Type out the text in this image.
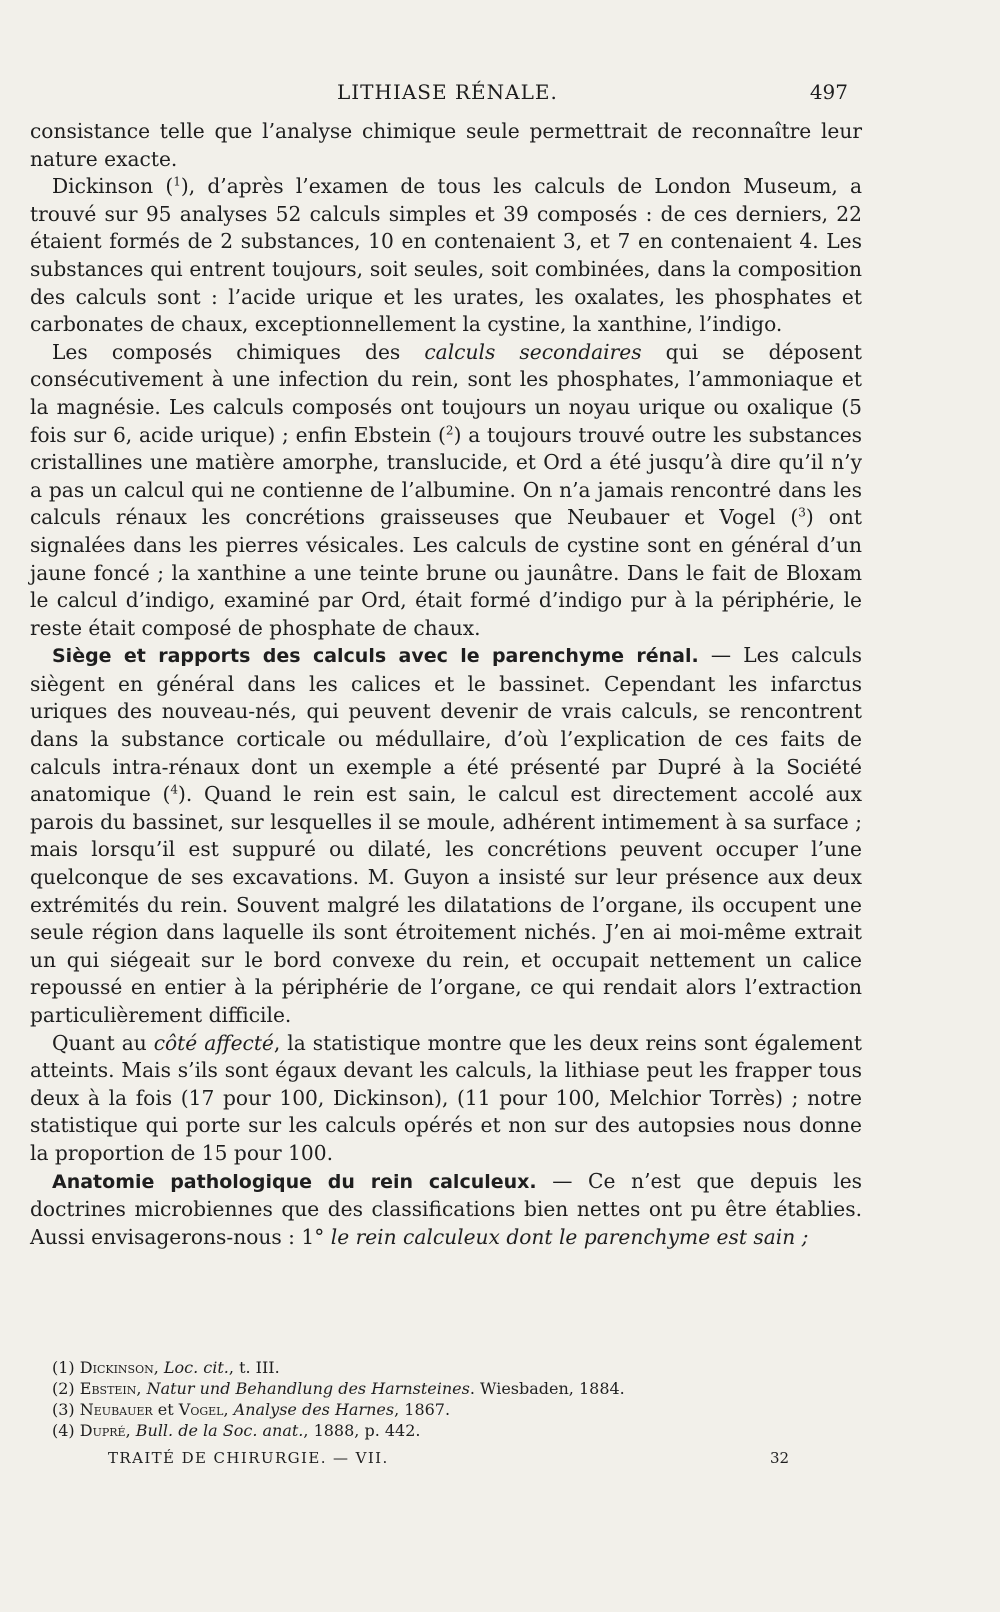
LITHIASE RÉNALE.	497

consistance telle que l’analyse chimique seule permettrait de reconnaître leur nature exacte.

Dickinson ($^1$), d’après l’examen de tous les calculs de London Museum, a trouvé sur 95 analyses 52 calculs simples et 39 composés : de ces derniers, 22 étaient formés de 2 substances, 10 en contenaient 3, et 7 en contenaient 4. Les substances qui entrent toujours, soit seules, soit combinées, dans la composition des calculs sont : l’acide urique et les urates, les oxalates, les phosphates et carbonates de chaux, exceptionnellement la cystine, la xanthine, l’indigo.

Les composés chimiques des calculs secondaires qui se déposent consécutivement à une infection du rein, sont les phosphates, l’ammoniaque et la magnésie. Les calculs composés ont toujours un noyau urique ou oxalique (5 fois sur 6, acide urique) ; enfin Ebstein ($^2$) a toujours trouvé outre les substances cristallines une matière amorphe, translucide, et Ord a été jusqu’à dire qu’il n’y a pas un calcul qui ne contienne de l’albumine. On n’a jamais rencontré dans les calculs rénaux les concrétions graisseuses que Neubauer et Vogel ($^3$) ont signalées dans les pierres vésicales. Les calculs de cystine sont en général d’un jaune foncé ; la xanthine a une teinte brune ou jaunâtre. Dans le fait de Bloxam le calcul d’indigo, examiné par Ord, était formé d’indigo pur à la périphérie, le reste était composé de phosphate de chaux.

Siège et rapports des calculs avec le parenchyme rénal. — Les calculs siègent en général dans les calices et le bassinet. Cependant les infarctus uriques des nouveau-nés, qui peuvent devenir de vrais calculs, se rencontrent dans la substance corticale ou médullaire, d’où l’explication de ces faits de calculs intra-rénaux dont un exemple a été présenté par Dupré à la Société anatomique ($^4$). Quand le rein est sain, le calcul est directement accolé aux parois du bassinet, sur lesquelles il se moule, adhérent intimement à sa surface ; mais lorsqu’il est suppuré ou dilaté, les concrétions peuvent occuper l’une quelconque de ses excavations. M. Guyon a insisté sur leur présence aux deux extrémités du rein. Souvent malgré les dilatations de l’organe, ils occupent une seule région dans laquelle ils sont étroitement nichés. J’en ai moi-même extrait un qui siégeait sur le bord convexe du rein, et occupait nettement un calice repoussé en entier à la périphérie de l’organe, ce qui rendait alors l’extraction particulièrement difficile.

Quant au côté affecté, la statistique montre que les deux reins sont également atteints. Mais s’ils sont égaux devant les calculs, la lithiase peut les frapper tous deux à la fois (17 pour 100, Dickinson), (11 pour 100, Melchior Torrès) ; notre statistique qui porte sur les calculs opérés et non sur des autopsies nous donne la proportion de 15 pour 100.

Anatomie pathologique du rein calculeux. — Ce n’est que depuis les doctrines microbiennes que des classifications bien nettes ont pu être établies. Aussi envisagerons-nous : 1° le rein calculeux dont le parenchyme est sain ;

(1) Dickinson, Loc. cit., t. III.
(2) Ebstein, Natur und Behandlung des Harnsteines. Wiesbaden, 1884.
(3) Neubauer et Vogel, Analyse des Harnes, 1867.
(4) Dupré, Bull. de la Soc. anat., 1888, p. 442.
TRAITÉ DE CHIRURGIE. — VII.	32
